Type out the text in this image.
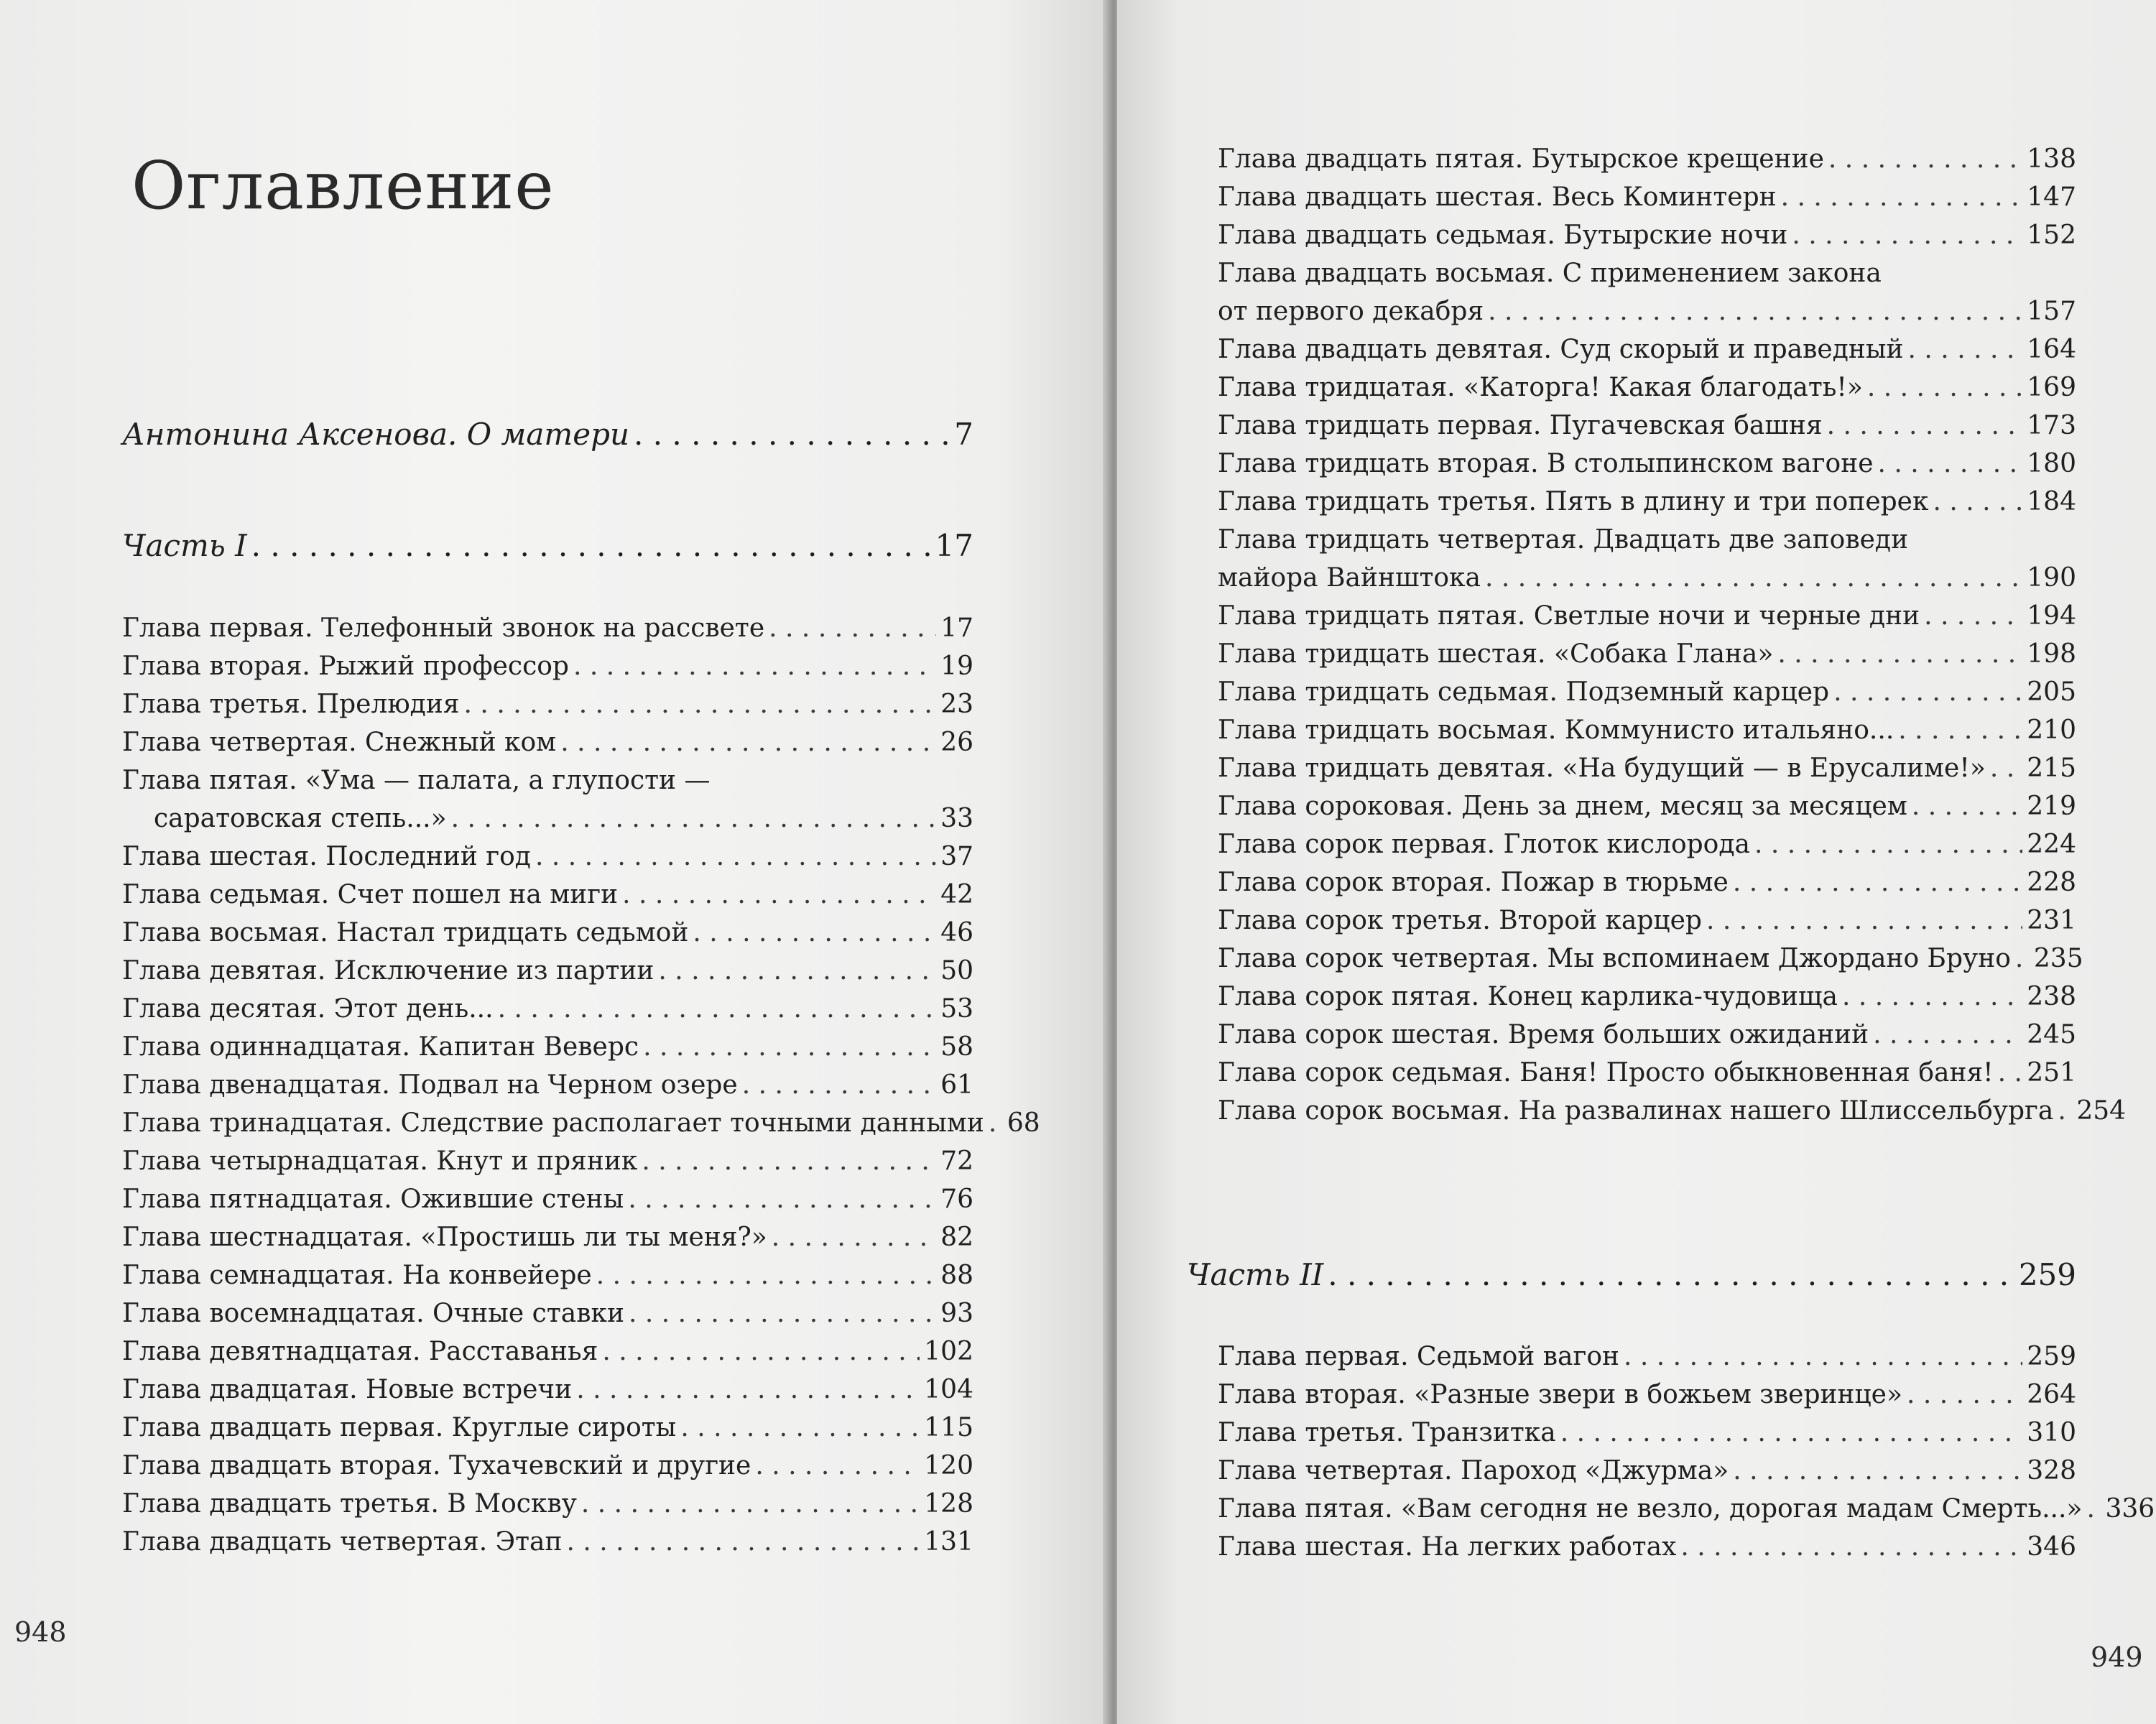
Оглавление
Антонина Аксенова. О матери . . .	7
Часть I . . .	17
Глава первая. Телефонный звонок на рассвете . . .	17
Глава вторая. Рыжий профессор . . .	19
Глава третья. Прелюдия . . .	23
Глава четвертая. Снежный ком . . .	26
Глава пятая. «Ума — палата, а глупости —
саратовская степь...» . . .	33
Глава шестая. Последний год . . .	37
Глава седьмая. Счет пошел на миги . . .	42
Глава восьмая. Настал тридцать седьмой . . .	46
Глава девятая. Исключение из партии . . .	50
Глава десятая. Этот день... . . .	53
Глава одиннадцатая. Капитан Веверс . . .	58
Глава двенадцатая. Подвал на Черном озере . . .	61
Глава тринадцатая. Следствие располагает точными данными . . . 68
Глава четырнадцатая. Кнут и пряник . . .	72
Глава пятнадцатая. Ожившие стены . . .	76
Глава шестнадцатая. «Простишь ли ты меня?» . . .	82
Глава семнадцатая. На конвейере . . .	88
Глава восемнадцатая. Очные ставки . . .	93
Глава девятнадцатая. Расставанья . . .	102
Глава двадцатая. Новые встречи . . .	104
Глава двадцать первая. Круглые сироты . . .	115
Глава двадцать вторая. Тухачевский и другие . . .	120
Глава двадцать третья. В Москву . . .	128
Глава двадцать четвертая. Этап . . .	131
948
Глава двадцать пятая. Бутырское крещение . . .	138
Глава двадцать шестая. Весь Коминтерн . . .	147
Глава двадцать седьмая. Бутырские ночи . . .	152
Глава двадцать восьмая. С применением закона
от первого декабря . . .	157
Глава двадцать девятая. Суд скорый и праведный . . .	164
Глава тридцатая. «Каторга! Какая благодать!» . . .	169
Глава тридцать первая. Пугачевская башня . . .	173
Глава тридцать вторая. В столыпинском вагоне . . .	180
Глава тридцать третья. Пять в длину и три поперек . . .	184
Глава тридцать четвертая. Двадцать две заповеди
майора Вайнштока . . .	190
Глава тридцать пятая. Светлые ночи и черные дни . . .	194
Глава тридцать шестая. «Собака Глана» . . .	198
Глава тридцать седьмая. Подземный карцер . . .	205
Глава тридцать восьмая. Коммунисто итальяно... . . .	210
Глава тридцать девятая. «На будущий — в Ерусалиме!» . . . 215
Глава сороковая. День за днем, месяц за месяцем . . .	219
Глава сорок первая. Глоток кислорода . . .	224
Глава сорок вторая. Пожар в тюрьме . . .	228
Глава сорок третья. Второй карцер . . .	231
Глава сорок четвертая. Мы вспоминаем Джордано Бруно . . . 235
Глава сорок пятая. Конец карлика-чудовища . . .	238
Глава сорок шестая. Время больших ожиданий . . .	245
Глава сорок седьмая. Баня! Просто обыкновенная баня! . . . 251
Глава сорок восьмая. На развалинах нашего Шлиссельбурга . . . 254
Часть II . . .	259
Глава первая. Седьмой вагон . . .	259
Глава вторая. «Разные звери в божьем зверинце» . . .	264
Глава третья. Транзитка . . .	310
Глава четвертая. Пароход «Джурма» . . .	328
Глава пятая. «Вам сегодня не везло, дорогая мадам Смерть...» . . . 336
Глава шестая. На легких работах . . .	346
949
